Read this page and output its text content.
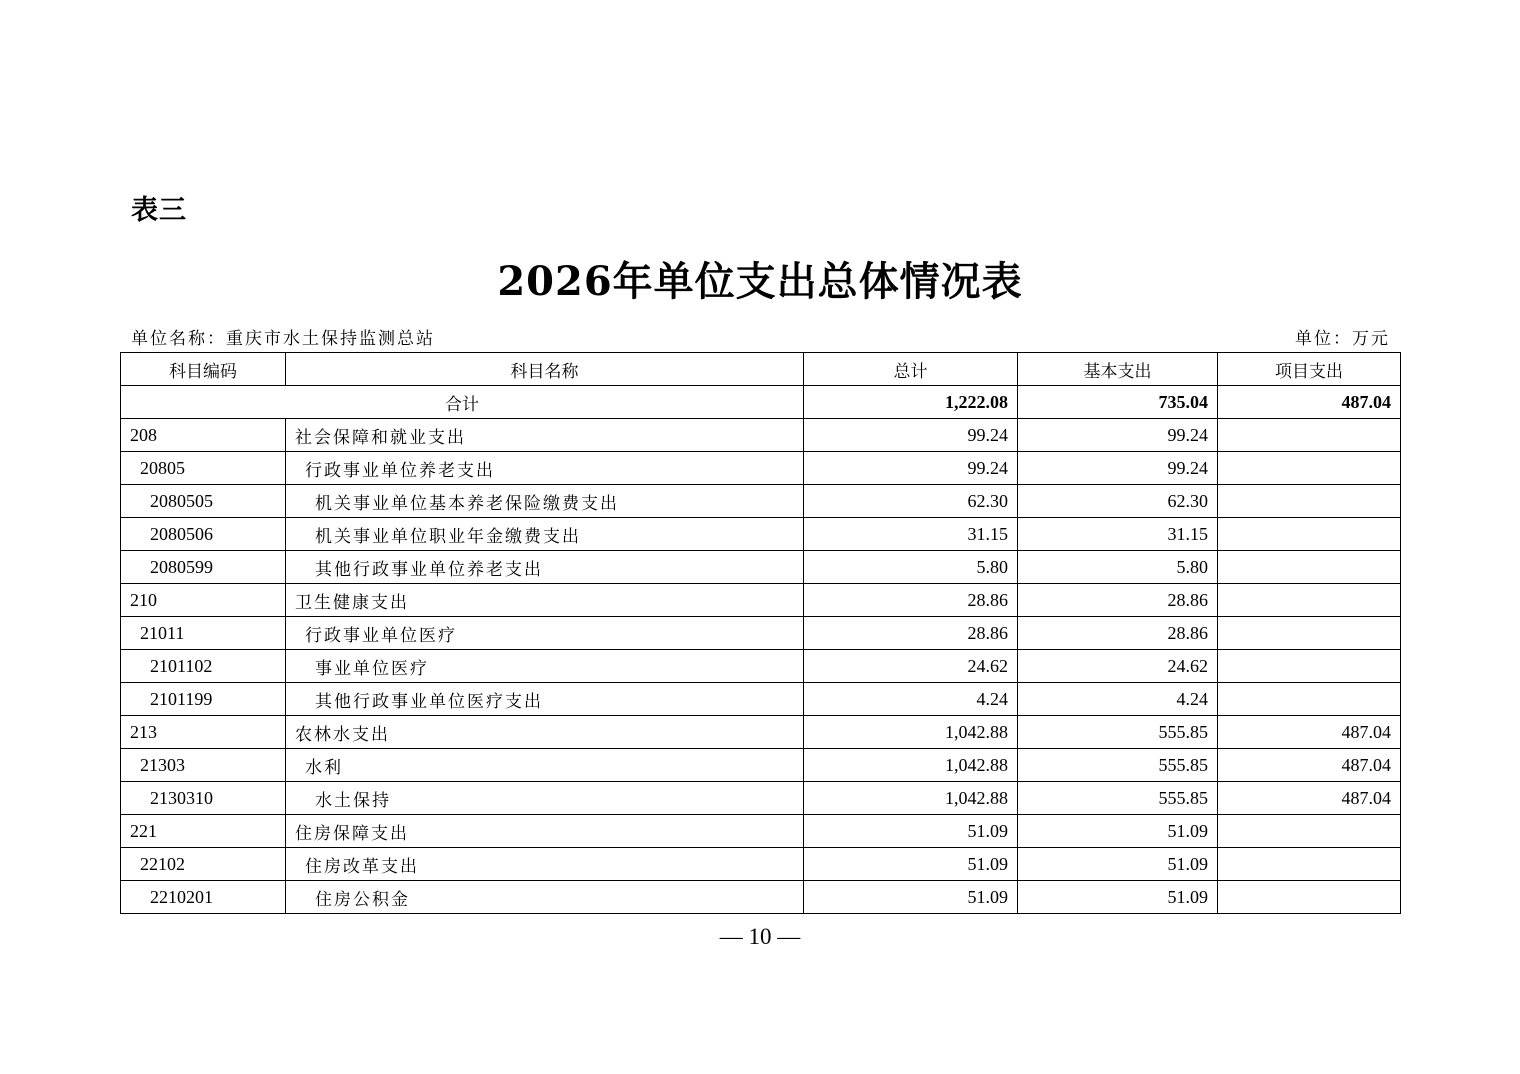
表三
2026年单位支出总体情况表
单位名称：重庆市水土保持监测总站	单位：万元
科目编码	科目名称	总计	基本支出	项目支出
合计		1,222.08	735.04	487.04
208	社会保障和就业支出	99.24	99.24	
20805	行政事业单位养老支出	99.24	99.24	
2080505	机关事业单位基本养老保险缴费支出	62.30	62.30	
2080506	机关事业单位职业年金缴费支出	31.15	31.15	
2080599	其他行政事业单位养老支出	5.80	5.80	
210	卫生健康支出	28.86	28.86	
21011	行政事业单位医疗	28.86	28.86	
2101102	事业单位医疗	24.62	24.62	
2101199	其他行政事业单位医疗支出	4.24	4.24	
213	农林水支出	1,042.88	555.85	487.04
21303	水利	1,042.88	555.85	487.04
2130310	水土保持	1,042.88	555.85	487.04
221	住房保障支出	51.09	51.09	
22102	住房改革支出	51.09	51.09	
2210201	住房公积金	51.09	51.09	
— 10 —
